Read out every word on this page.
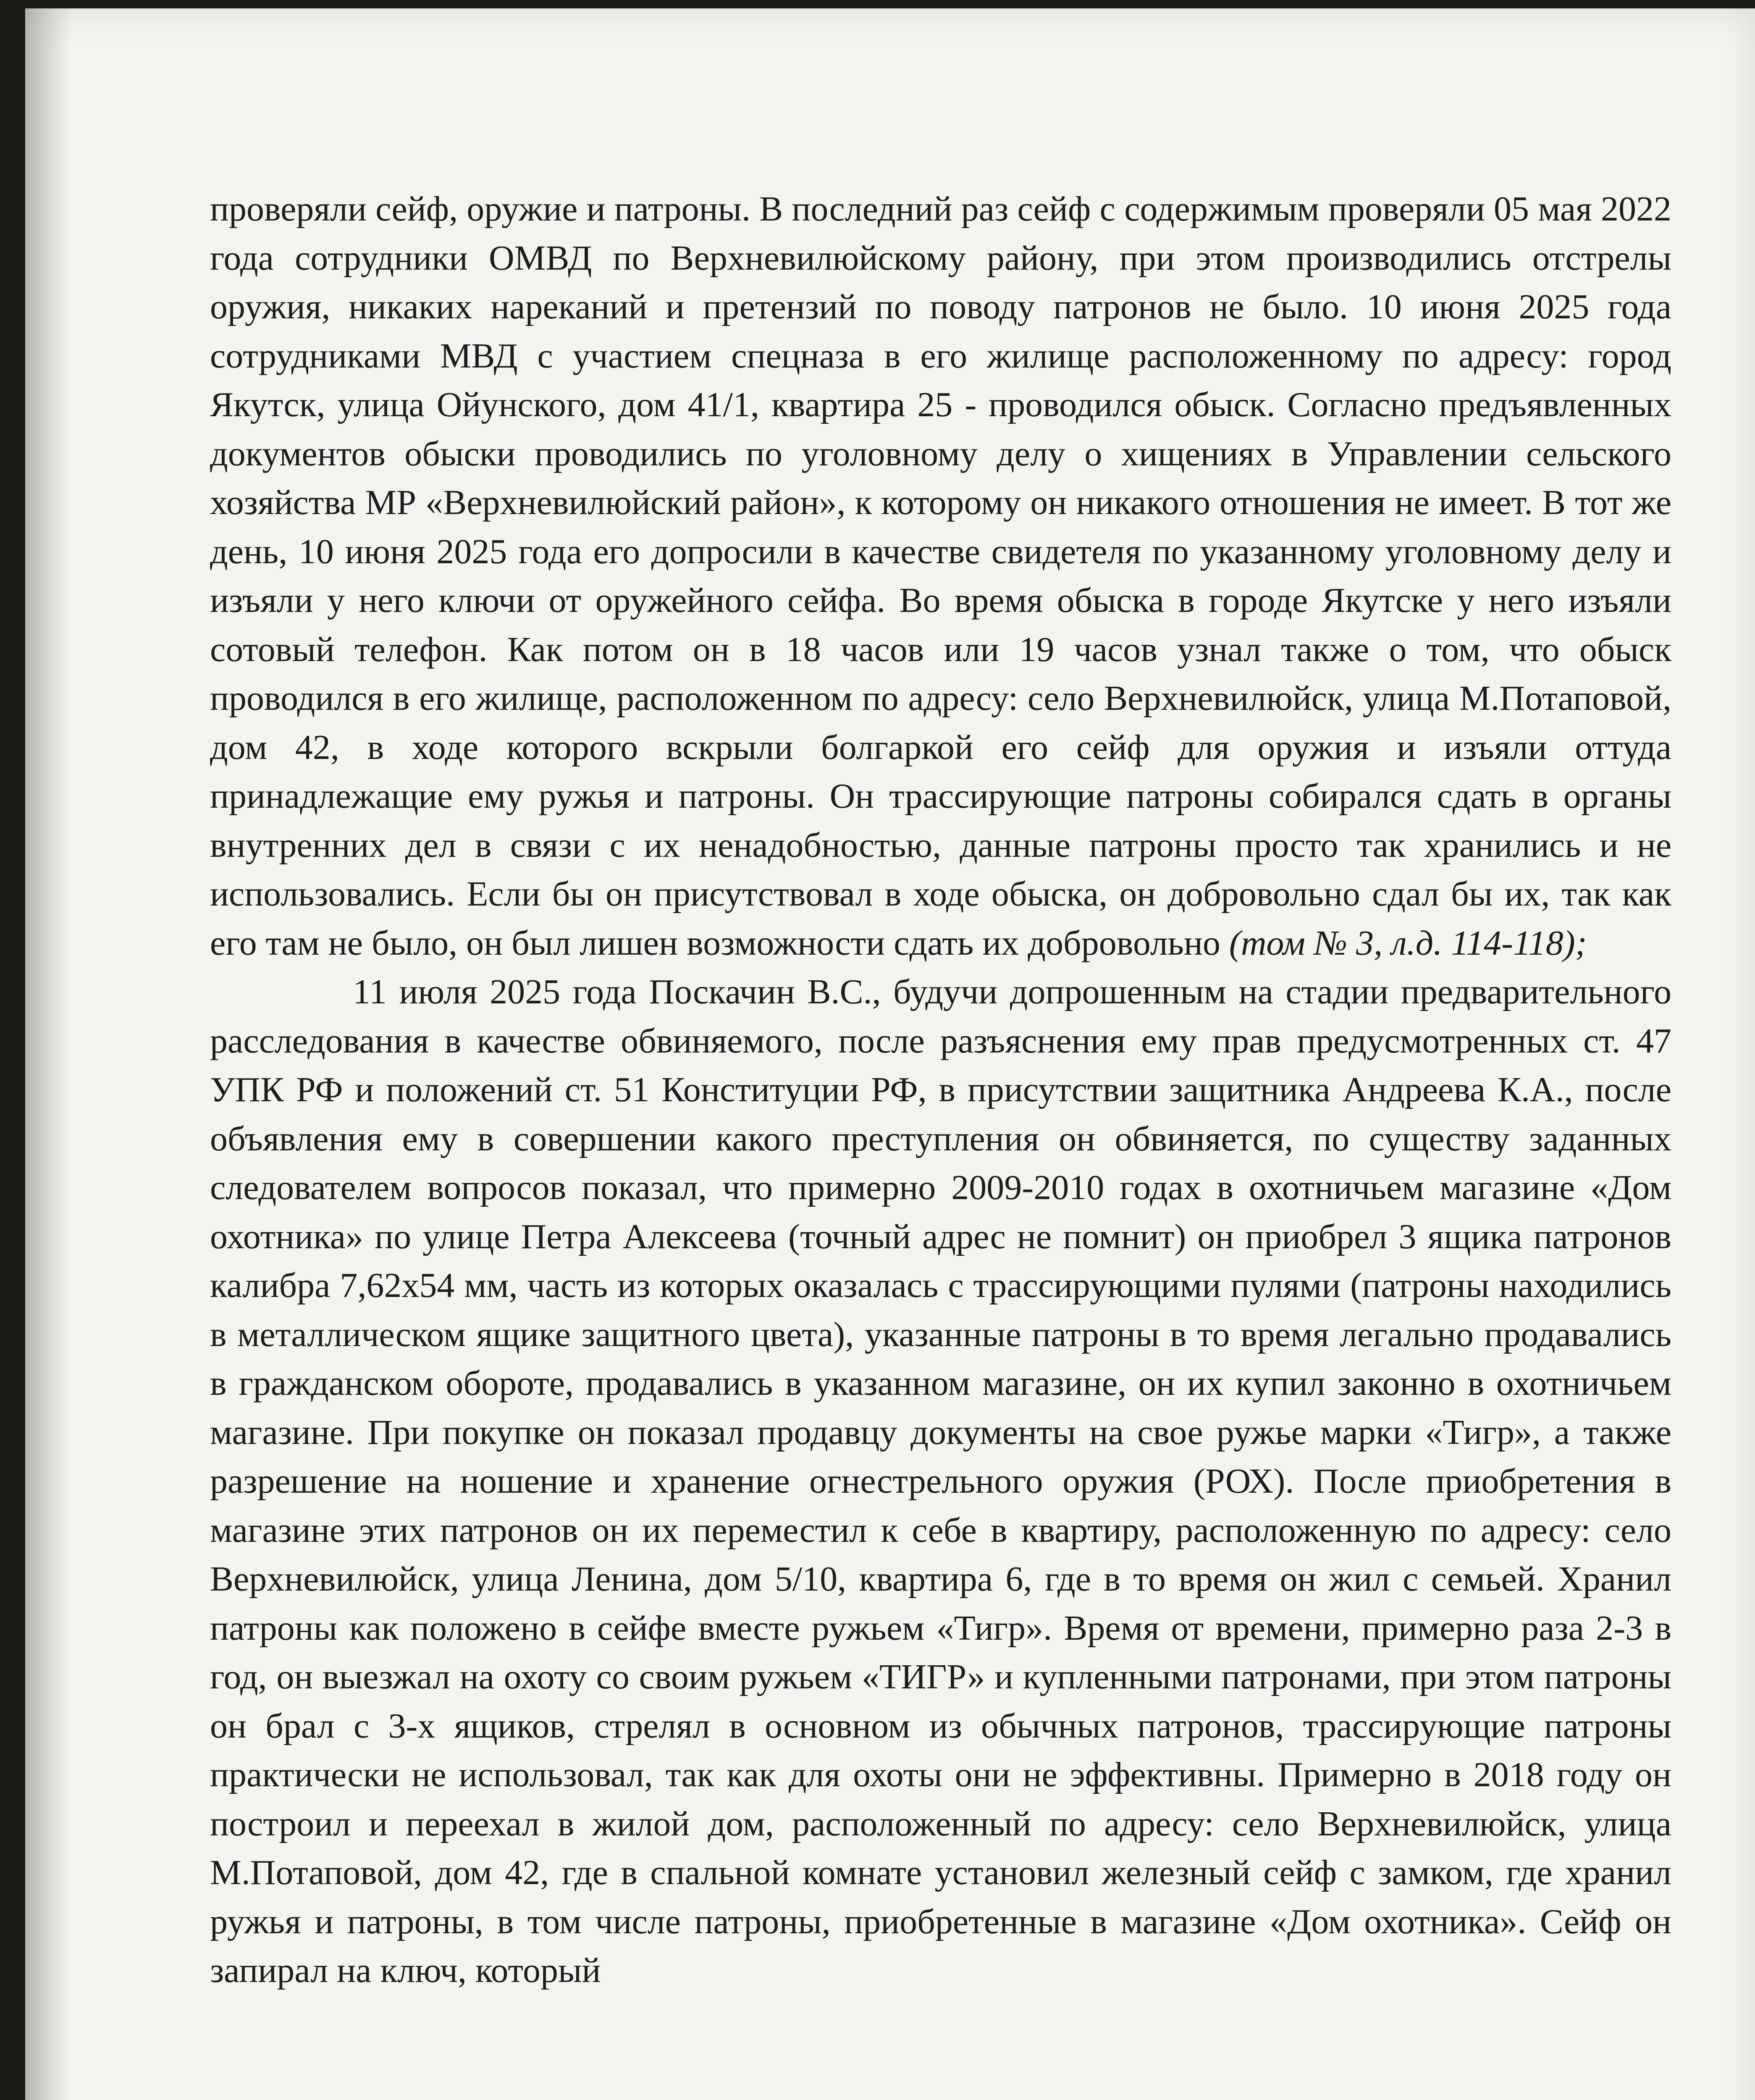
проверяли сейф, оружие и патроны. В последний раз сейф с содержимым проверяли 05 мая 2022 года сотрудники ОМВД по Верхневилюйскому району, при этом производились отстрелы оружия, никаких нареканий и претензий по поводу патронов не было. 10 июня 2025 года сотрудниками МВД с участием спецназа в его жилище расположенному по адресу: город Якутск, улица Ойунского, дом 41/1, квартира 25 - проводился обыск. Согласно предъявленных документов обыски проводились по уголовному делу о хищениях в Управлении сельского хозяйства МР «Верхневилюйский район», к которому он никакого отношения не имеет. В тот же день, 10 июня 2025 года его допросили в качестве свидетеля по указанному уголовному делу и изъяли у него ключи от оружейного сейфа. Во время обыска в городе Якутске у него изъяли сотовый телефон. Как потом он в 18 часов или 19 часов узнал также о том, что обыск проводился в его жилище, расположенном по адресу: село Верхневилюйск, улица М.Потаповой, дом 42, в ходе которого вскрыли болгаркой его сейф для оружия и изъяли оттуда принадлежащие ему ружья и патроны. Он трассирующие патроны собирался сдать в органы внутренних дел в связи с их ненадобностью, данные патроны просто так хранились и не использовались. Если бы он присутствовал в ходе обыска, он добровольно сдал бы их, так как его там не было, он был лишен возможности сдать их добровольно (том № 3, л.д. 114-118);

11 июля 2025 года Поскачин В.С., будучи допрошенным на стадии предварительного расследования в качестве обвиняемого, после разъяснения ему прав предусмотренных ст. 47 УПК РФ и положений ст. 51 Конституции РФ, в присутствии защитника Андреева К.А., после объявления ему в совершении какого преступления он обвиняется, по существу заданных следователем вопросов показал, что примерно 2009-2010 годах в охотничьем магазине «Дом охотника» по улице Петра Алексеева (точный адрес не помнит) он приобрел 3 ящика патронов калибра 7,62х54 мм, часть из которых оказалась с трассирующими пулями (патроны находились в металлическом ящике защитного цвета), указанные патроны в то время легально продавались в гражданском обороте, продавались в указанном магазине, он их купил законно в охотничьем магазине. При покупке он показал продавцу документы на свое ружье марки «Тигр», а также разрешение на ношение и хранение огнестрельного оружия (РОХ). После приобретения в магазине этих патронов он их переместил к себе в квартиру, расположенную по адресу: село Верхневилюйск, улица Ленина, дом 5/10, квартира 6, где в то время он жил с семьей. Хранил патроны как положено в сейфе вместе ружьем «Тигр». Время от времени, примерно раза 2-3 в год, он выезжал на охоту со своим ружьем «ТИГР» и купленными патронами, при этом патроны он брал с 3-х ящиков, стрелял в основном из обычных патронов, трассирующие патроны практически не использовал, так как для охоты они не эффективны. Примерно в 2018 году он построил и переехал в жилой дом, расположенный по адресу: село Верхневилюйск, улица М.Потаповой, дом 42, где в спальной комнате установил железный сейф с замком, где хранил ружья и патроны, в том числе патроны, приобретенные в магазине «Дом охотника». Сейф он запирал на ключ, который
